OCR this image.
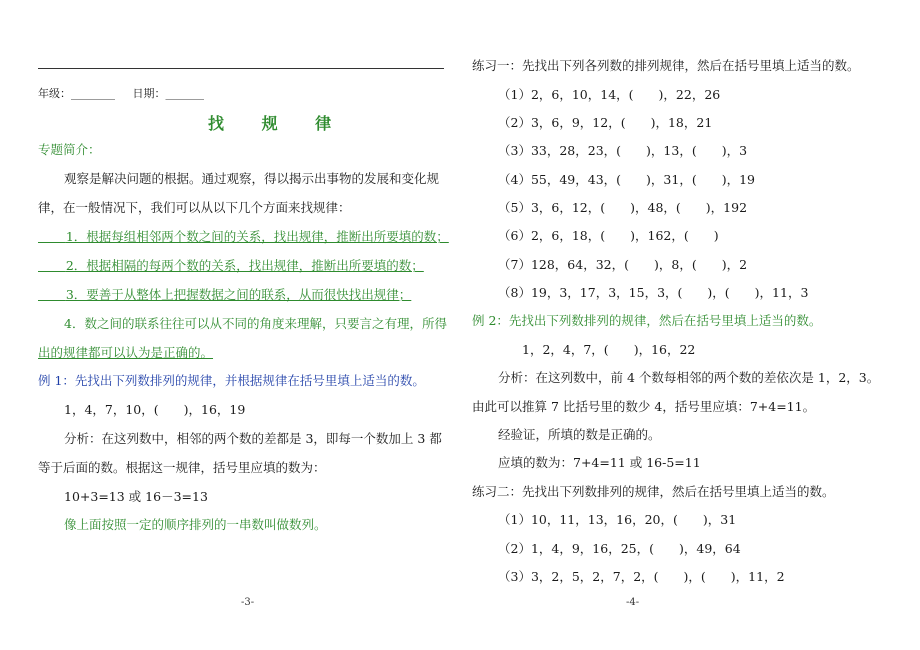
年级：________ 日期：_______
找 规 律
专题简介：
观察是解决问题的根据。通过观察，得以揭示出事物的发展和变化规
律，在一般情况下，我们可以从以下几个方面来找规律：
1．根据每组相邻两个数之间的关系，找出规律，推断出所要填的数；
2．根据相隔的每两个数的关系，找出规律，推断出所要填的数；
3．要善于从整体上把握数据之间的联系，从而很快找出规律；
4．数之间的联系往往可以从不同的角度来理解，只要言之有理，所得
出的规律都可以认为是正确的。
例 1：先找出下列数排列的规律，并根据规律在括号里填上适当的数。
1，4，7，10，(　　)，16，19
分析：在这列数中，相邻的两个数的差都是 3，即每一个数加上 3 都
等于后面的数。根据这一规律，括号里应填的数为：
10+3=13 或 16－3=13
像上面按照一定的顺序排列的一串数叫做数列。
-3-
练习一：先找出下列各列数的排列规律，然后在括号里填上适当的数。
（1）2，6，10，14，(　　)，22，26
（2）3，6，9，12，(　　)，18，21
（3）33，28，23，(　　)，13，(　　)，3
（4）55，49，43，(　　)，31，(　　)，19
（5）3，6，12，(　　)，48，(　　)，192
（6）2，6，18，(　　)，162，(　　)
（7）128，64，32，(　　)，8，(　　)，2
（8）19，3，17，3，15，3，(　　)，(　　)，11，3
例 2：先找出下列数排列的规律，然后在括号里填上适当的数。
1，2，4，7，(　　)，16，22
分析：在这列数中，前 4 个数每相邻的两个数的差依次是 1，2，3。
由此可以推算 7 比括号里的数少 4，括号里应填：7+4=11。
经验证，所填的数是正确的。
应填的数为：7+4=11 或 16-5=11
练习二：先找出下列数排列的规律，然后在括号里填上适当的数。
（1）10，11，13，16，20，(　　)，31
（2）1，4，9，16，25，(　　)，49，64
（3）3，2，5，2，7，2，(　　)，(　　)，11，2
-4-
